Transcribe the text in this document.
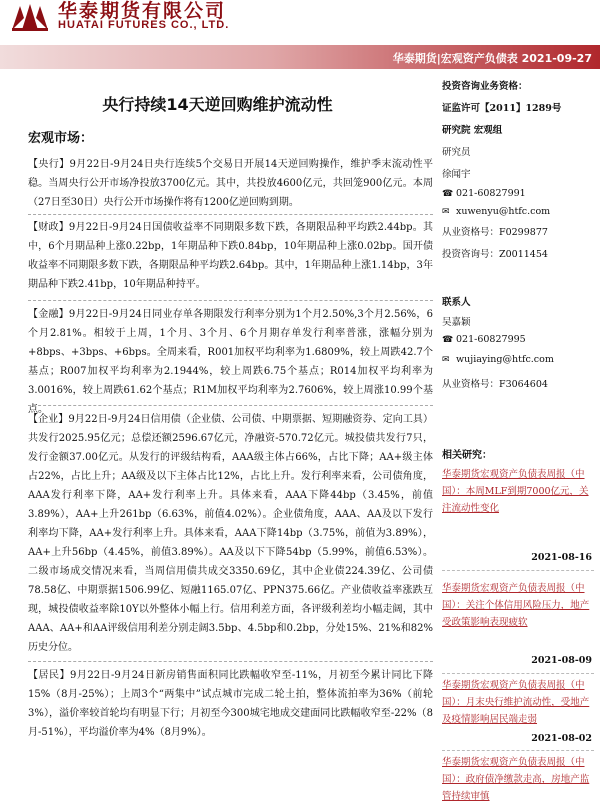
华泰期货有限公司
HUATAI FUTURES CO., LTD.
华泰期货|宏观资产负债表 2021-09-27
央行持续14天逆回购维护流动性
宏观市场：
【央行】9月22日-9月24日央行连续5个交易日开展14天逆回购操作，维护季末流动性平稳。当周央行公开市场净投放3700亿元。其中，共投放4600亿元，共回笼900亿元。本周（27日至30日）央行公开市场操作将有1200亿逆回购到期。
【财政】9月22日-9月24日国债收益率不同期限多数下跌，各期限品种平均跌2.44bp。其中，6个月期品种上涨0.22bp，1年期品种下跌0.84bp，10年期品种上涨0.02bp。国开债收益率不同期限多数下跌，各期限品种平均跌2.64bp。其中，1年期品种上涨1.14bp，3年期品种下跌2.41bp，10年期品种持平。
【金融】9月22日-9月24日同业存单各期限发行利率分别为1个月2.50%,3个月2.56%，6个月2.81%。相较于上周，1个月、3个月、6个月期存单发行利率普涨，涨幅分别为+8bps、+3bps、+6bps。全周来看，R001加权平均利率为1.6809%，较上周跌42.7个基点；R007加权平均利率为2.1944%，较上周跌6.75个基点；R014加权平均利率为3.0016%，较上周跌61.62个基点；R1M加权平均利率为2.7606%，较上周涨10.99个基点。
【企业】9月22日-9月24日信用债（企业债、公司债、中期票据、短期融资券、定向工具）共发行2025.95亿元；总偿还额2596.67亿元，净融资-570.72亿元。城投债共发行7只，发行金额37.00亿元。从发行的评级结构看，AAA级主体占66%，占比下降；AA+级主体占22%，占比上升；AA级及以下主体占比12%，占比上升。发行利率来看，公司债角度，AAA发行利率下降，AA+发行利率上升。具体来看，AAA下降44bp（3.45%，前值3.89%），AA+上升261bp（6.63%，前值4.02%）。企业债角度，AAA、AA及以下发行利率均下降，AA+发行利率上升。具体来看，AAA下降14bp（3.75%，前值为3.89%），AA+上升56bp（4.45%，前值3.89%）。AA及以下下降54bp（5.99%，前值6.53%）。二级市场成交情况来看，当周信用债共成交3350.69亿，其中企业债224.39亿、公司债78.58亿、中期票据1506.99亿、短融1165.07亿、PPN375.66亿。产业债收益率涨跌互现，城投债收益率除10Y以外整体小幅上行。信用利差方面，各评级利差均小幅走阔，其中AAA、AA+和AA评级信用利差分别走阔3.5bp、4.5bp和0.2bp，分处15%、21%和82%历史分位。
【居民】9月22日-9月24日新房销售面积同比跌幅收窄至-11%，月初至今累计同比下降15%（8月-25%）；上周3个“两集中”试点城市完成二轮土拍，整体流拍率为36%（前轮3%），溢价率较首轮均有明显下行；月初至今300城宅地成交建面同比跌幅收窄至-22%（8月-51%），平均溢价率为4%（8月9%）。
投资咨询业务资格：
证监许可【2011】1289号
研究院 宏观组
研究员
徐闻宇
☎ 021-60827991
✉ xuwenyu@htfc.com
从业资格号：F0299877
投资咨询号：Z0011454
联系人
吴嘉颖
☎ 021-60827995
✉ wujiaying@htfc.com
从业资格号：F3064604
相关研究：
华泰期货宏观资产负债表周报（中国）：本周MLF到期7000亿元，关注流动性变化
2021-08-16
华泰期货宏观资产负债表周报（中国）：关注个体信用风险压力，地产受政策影响表现疲软
2021-08-09
华泰期货宏观资产负债表周报（中国）：月末央行维护流动性，受地产及疫情影响居民端走弱
2021-08-02
华泰期货宏观资产负债表周报（中国）：政府债净缴款走高，房地产监管持续审慎
